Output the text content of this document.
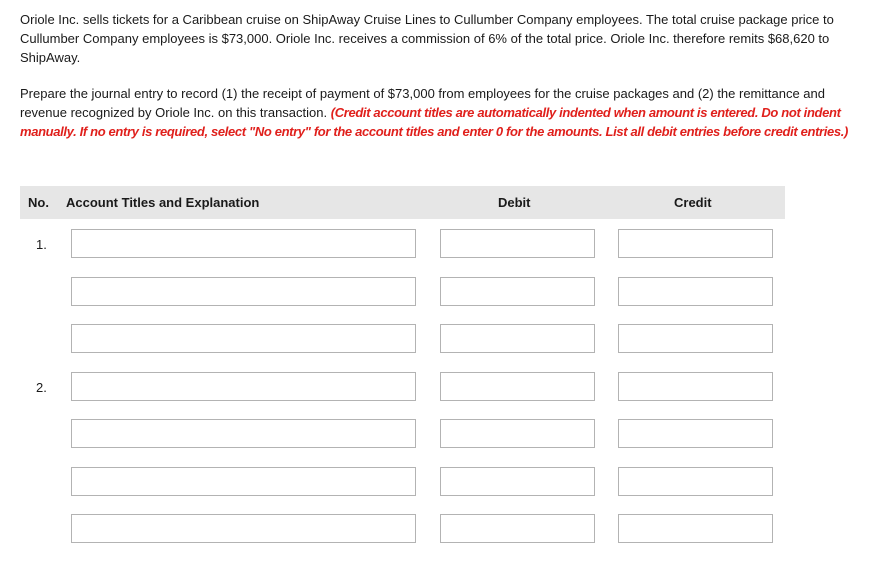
Oriole Inc. sells tickets for a Caribbean cruise on ShipAway Cruise Lines to Cullumber Company employees. The total cruise package price to Cullumber Company employees is $73,000. Oriole Inc. receives a commission of 6% of the total price. Oriole Inc. therefore remits $68,620 to ShipAway.

Prepare the journal entry to record (1) the receipt of payment of $73,000 from employees for the cruise packages and (2) the remittance and revenue recognized by Oriole Inc. on this transaction. (Credit account titles are automatically indented when amount is entered. Do not indent manually. If no entry is required, select "No entry" for the account titles and enter 0 for the amounts. List all debit entries before credit entries.)

No. Account Titles and Explanation	Debit	Credit
1.
2.
